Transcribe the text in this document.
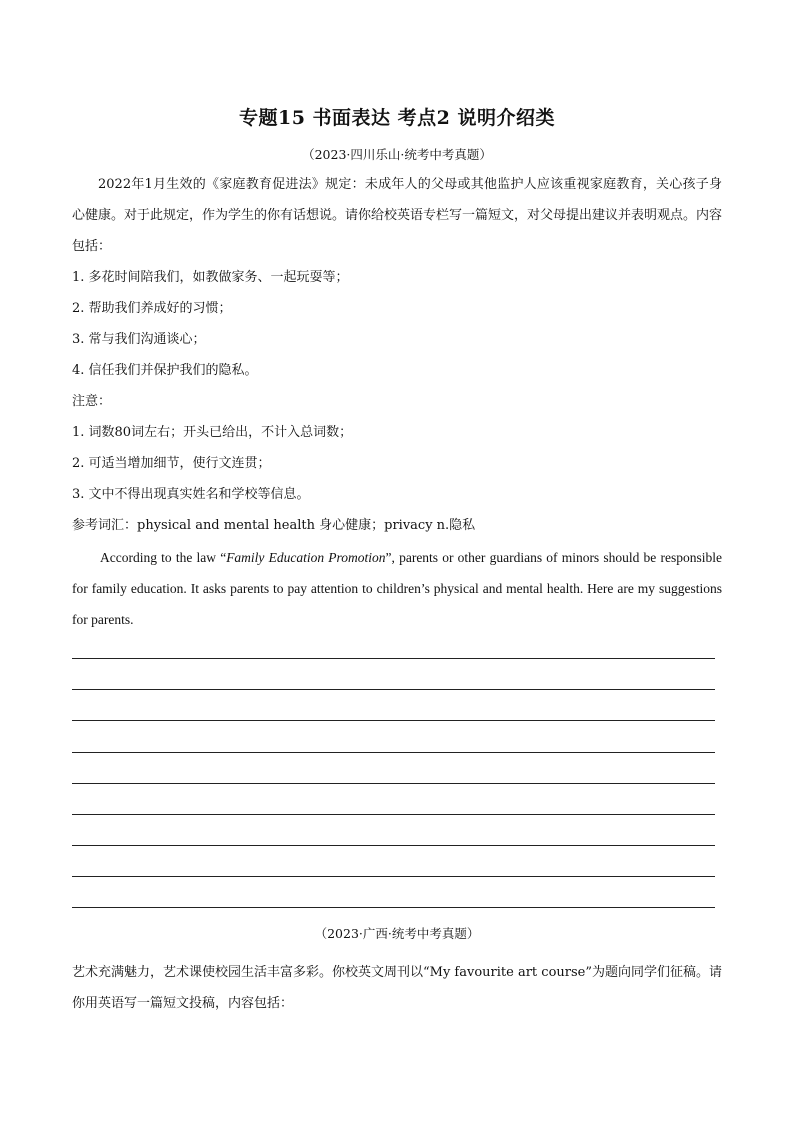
专题15 书面表达 考点2 说明介绍类
（2023·四川乐山·统考中考真题）
2022年1月生效的《家庭教育促进法》规定：未成年人的父母或其他监护人应该重视家庭教育，关心孩子身心健康。对于此规定，作为学生的你有话想说。请你给校英语专栏写一篇短文，对父母提出建议并表明观点。内容包括：
1. 多花时间陪我们，如教做家务、一起玩耍等；
2. 帮助我们养成好的习惯；
3. 常与我们沟通谈心；
4. 信任我们并保护我们的隐私。
注意：
1. 词数80词左右；开头已给出，不计入总词数；
2. 可适当增加细节，使行文连贯；
3. 文中不得出现真实姓名和学校等信息。
参考词汇：physical and mental health 身心健康；privacy n.隐私
According to the law “Family Education Promotion”, parents or other guardians of minors should be responsible for family education. It asks parents to pay attention to children’s physical and mental health. Here are my suggestions for parents.
（2023·广西·统考中考真题）
艺术充满魅力，艺术课使校园生活丰富多彩。你校英文周刊以“My favourite art course”为题向同学们征稿。请你用英语写一篇短文投稿，内容包括：
